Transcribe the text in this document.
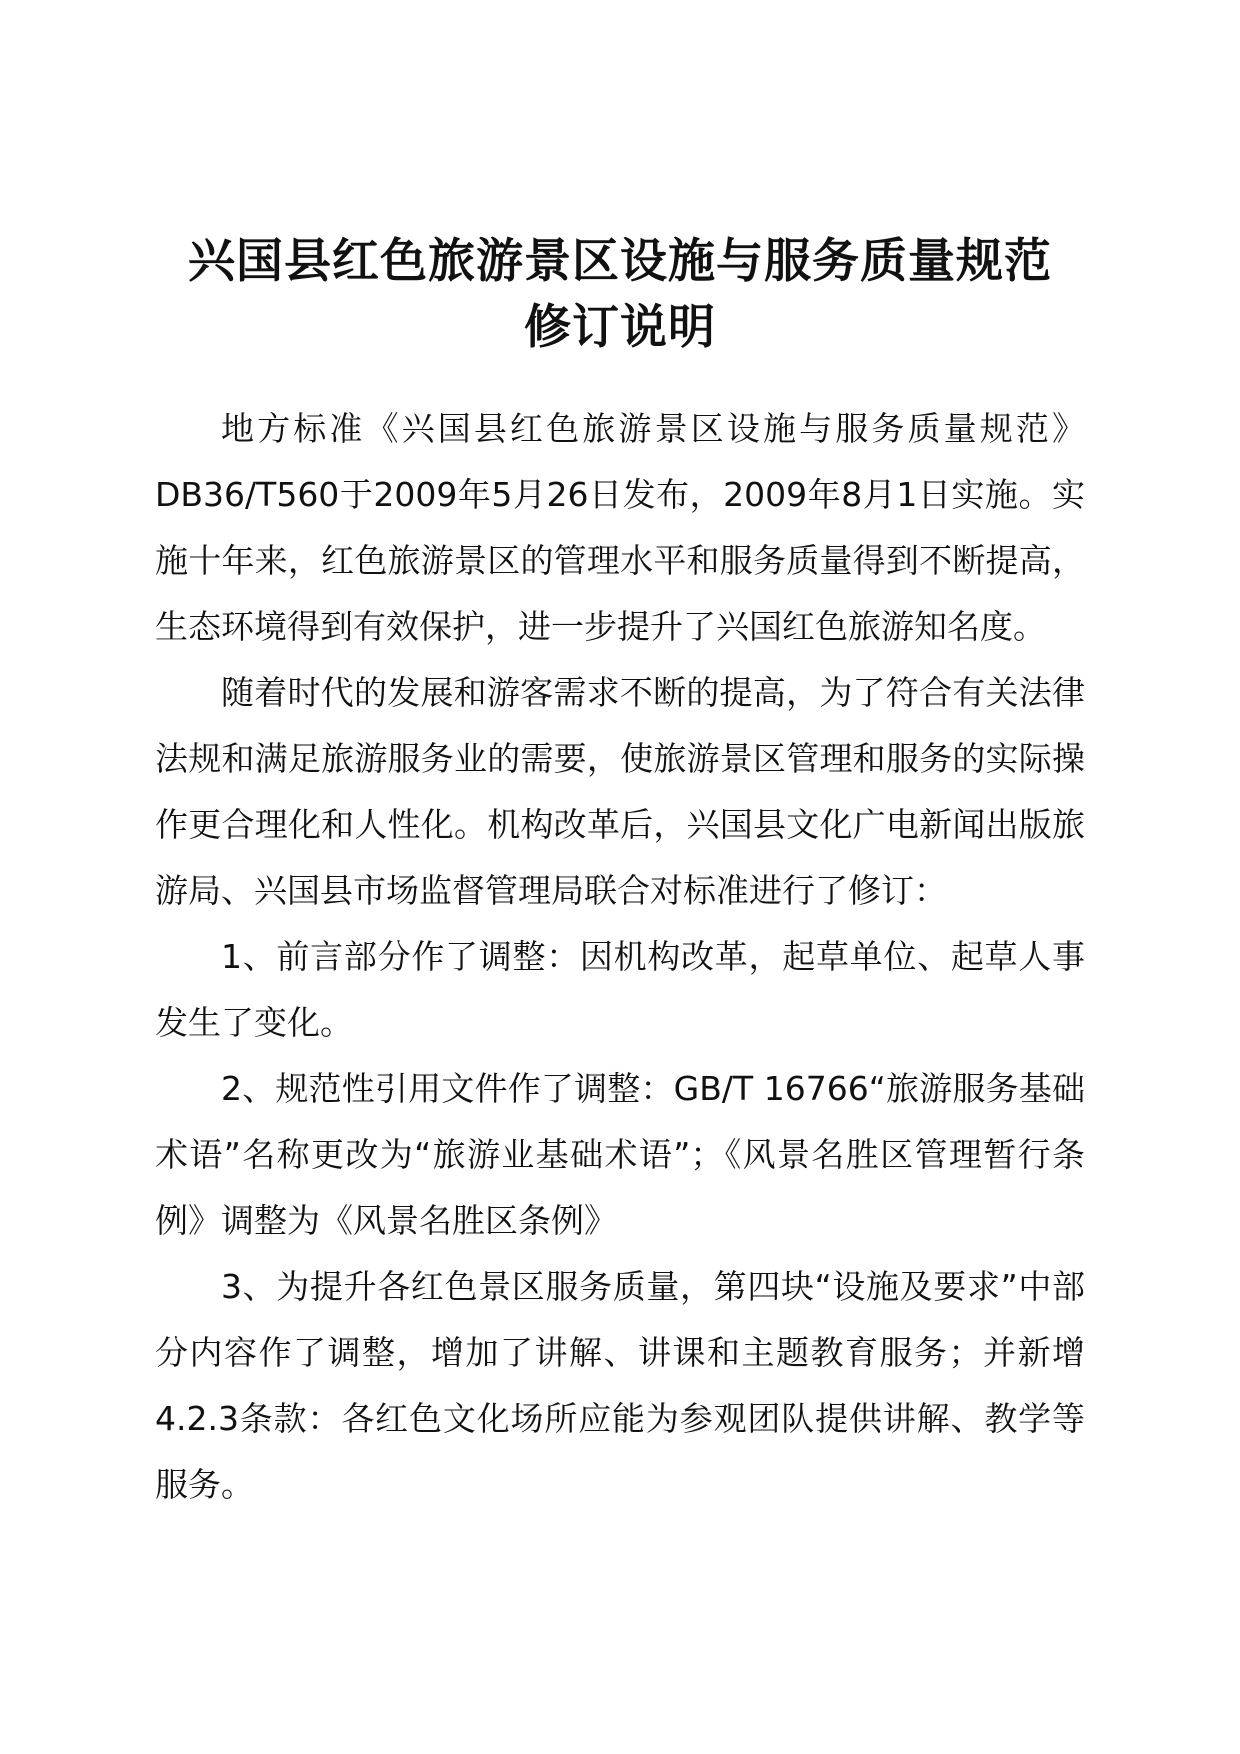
兴国县红色旅游景区设施与服务质量规范
修订说明

地方标准《兴国县红色旅游景区设施与服务质量规范》DB36/T560于2009年5月26日发布，2009年8月1日实施。实施十年来，红色旅游景区的管理水平和服务质量得到不断提高，生态环境得到有效保护，进一步提升了兴国红色旅游知名度。

随着时代的发展和游客需求不断的提高，为了符合有关法律法规和满足旅游服务业的需要，使旅游景区管理和服务的实际操作更合理化和人性化。机构改革后，兴国县文化广电新闻出版旅游局、兴国县市场监督管理局联合对标准进行了修订：

1、前言部分作了调整：因机构改革，起草单位、起草人事发生了变化。

2、规范性引用文件作了调整：GB/T 16766“旅游服务基础术语”名称更改为“旅游业基础术语”；《风景名胜区管理暂行条例》调整为《风景名胜区条例》

3、为提升各红色景区服务质量，第四块“设施及要求”中部分内容作了调整，增加了讲解、讲课和主题教育服务；并新增4.2.3条款：各红色文化场所应能为参观团队提供讲解、教学等服务。
